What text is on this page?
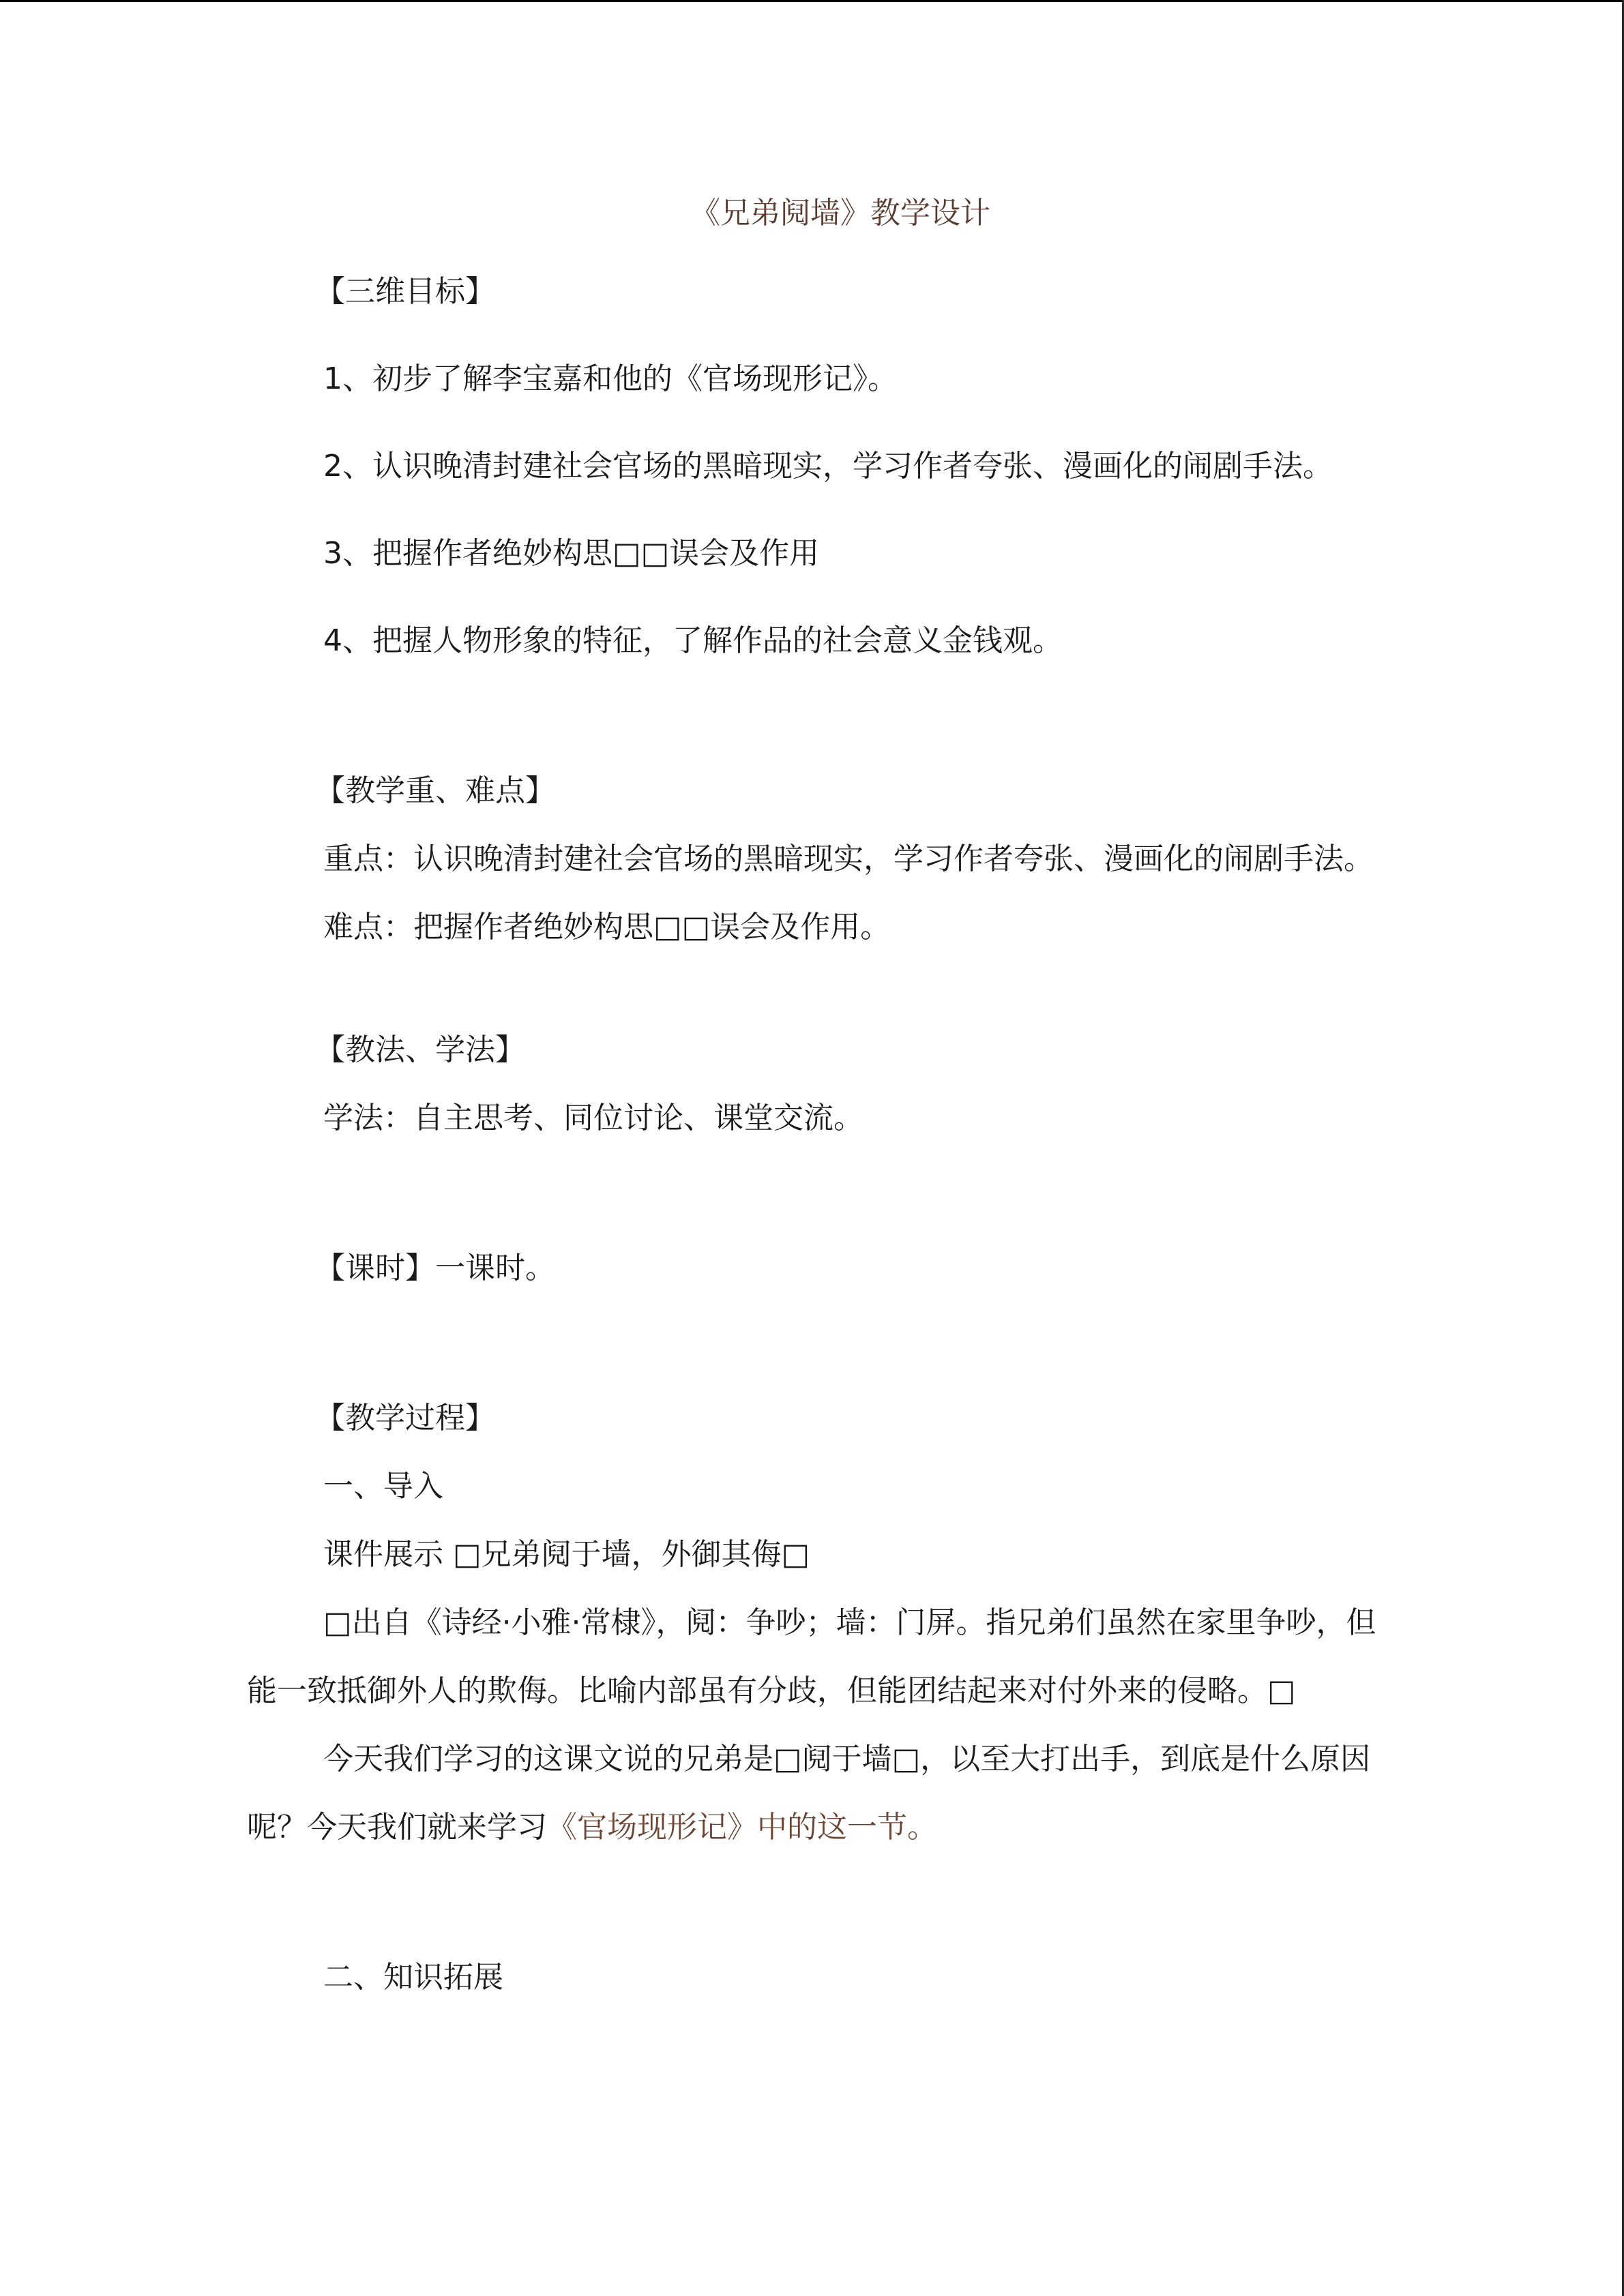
《兄弟阋墙》教学设计
【三维目标】
1、初步了解李宝嘉和他的《官场现形记》。
2、认识晚清封建社会官场的黑暗现实，学习作者夸张、漫画化的闹剧手法。
3、把握作者绝妙构思□□误会及作用
4、把握人物形象的特征，了解作品的社会意义金钱观。
【教学重、难点】
重点：认识晚清封建社会官场的黑暗现实，学习作者夸张、漫画化的闹剧手法。
难点：把握作者绝妙构思□□误会及作用。
【教法、学法】
学法：自主思考、同位讨论、课堂交流。
【课时】一课时。
【教学过程】
一、导入
课件展示 □兄弟阋于墙，外御其侮□
□出自《诗经·小雅·常棣》，阋：争吵；墙：门屏。指兄弟们虽然在家里争吵，但能一致抵御外人的欺侮。比喻内部虽有分歧，但能团结起来对付外来的侵略。□
今天我们学习的这课文说的兄弟是□阋于墙□，以至大打出手，到底是什么原因呢？今天我们就来学习《官场现形记》中的这一节。
二、知识拓展
